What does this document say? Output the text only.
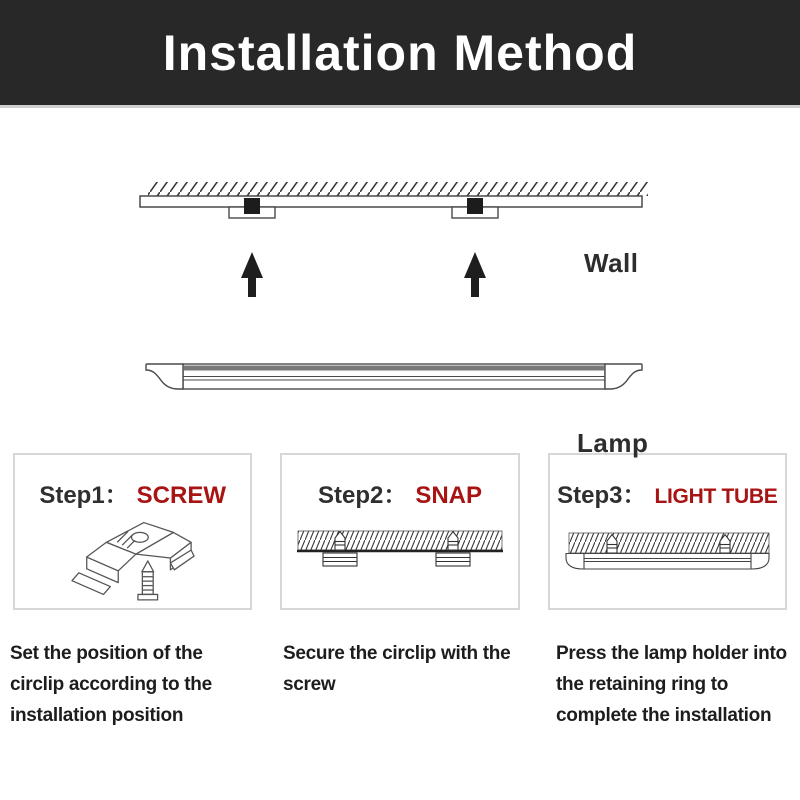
Installation Method
Wall
Lamp
Step1： SCREW	Step2： SNAP	Step3： LIGHT TUBE
Set the position of the circlip according to the installation position
Secure the circlip with the screw
Press the lamp holder into the retaining ring to complete the installation
